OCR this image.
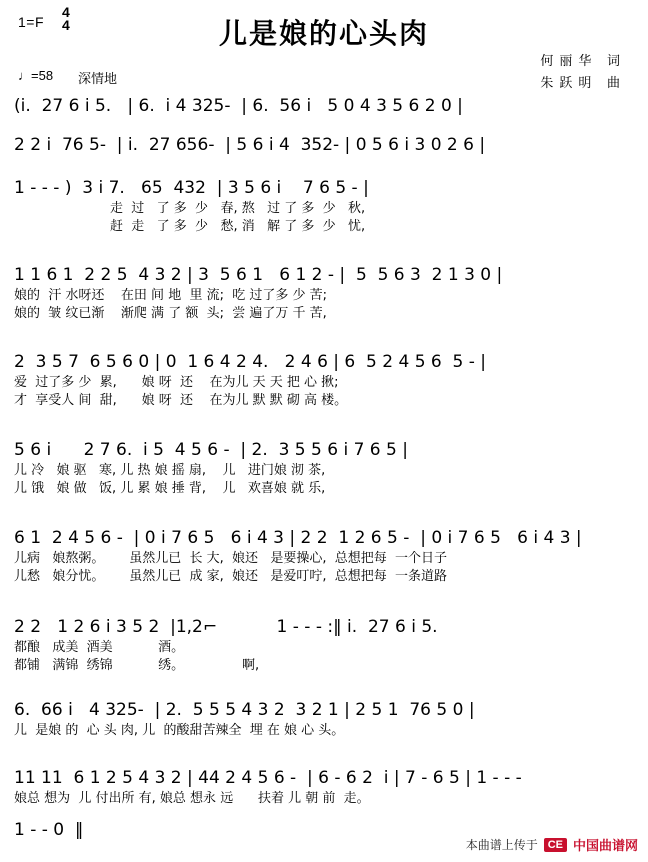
1=F
4
4	儿是娘的心头肉
♩=58 深情地
何丽华 词
朱跃明 曲
(i.  27 6 i 5.   | 6.  i 4 325-  | 6.  56 i   5 0 4 3 5 6 2 0 |
2 2 i  76 5-  | i.  27 656-  | 5 6 i 4  352- | 0 5 6 i 3 0 2 6 |
1 - - - )  3 i 7.   65  432  | 3 5 6 i    7 6 5 - |
走  过   了 多  少   春, 熬   过 了 多  少   秋,
赶  走   了 多  少   愁, 消   解 了 多  少   忧,
1 1 6 1  2 2 5  4 3 2 | 3  5 6 1   6 1 2 - |  5  5 6 3  2 1 3 0 |
娘的  汗 水呀还    在田 间 地  里 流;  吃 过了多 少 苦;
娘的  皱 纹已渐    渐爬 满 了 额  头;  尝 遍了万 千 苦,
2  3 5 7  6 5 6 0 | 0  1 6 4 2 4.   2 4 6 | 6  5 2 4 5 6  5 - |
爱  过了多 少  累,      娘 呀  还    在为儿 天 天 把 心 揪;
才  享受人 间  甜,      娘 呀  还    在为儿 默 默 砌 高 楼。
5 6 i      2 7 6.  i 5  4 5 6 -  | 2.  3 5 5 6 i 7 6 5 |
儿 冷   娘 驱   寒, 儿 热 娘 摇 扇,    儿   进门娘 沏 茶,
儿 饿   娘 做   饭, 儿 累 娘 捶 背,    儿   欢喜娘 就 乐,
6 1  2 4 5 6 -  | 0 i 7 6 5   6 i 4 3 | 2 2  1 2 6 5 -  | 0 i 7 6 5   6 i 4 3 |
儿病   娘熬粥。      虽然儿已  长 大,  娘还   是要操心,  总想把每  一个日子
儿愁   娘分忧。      虽然儿已  成 家,  娘还   是爱叮咛,  总想把每  一条道路
2 2   1 2 6 i 3 5 2  |1,2⌐           1 - - - :‖ i.  27 6 i 5.
都酿   成美  酒美           酒。
都铺   满锦  绣锦           绣。              啊,
6.  66 i   4 325-  | 2.  5 5 5 4 3 2  3 2 1 | 2 5 1  76 5 0 |
儿  是娘 的  心 头 肉, 儿  的酸甜苦辣全  埋 在 娘 心 头。
11 11  6 1 2 5 4 3 2 | 44 2 4 5 6 -  | 6 - 6 2  i | 7 - 6 5 | 1 - - -
娘总 想为  儿 付出所 有, 娘总 想永 远      扶着 儿 朝 前  走。
1 - - 0  ‖
本曲谱上传于 CE 中国曲谱网
